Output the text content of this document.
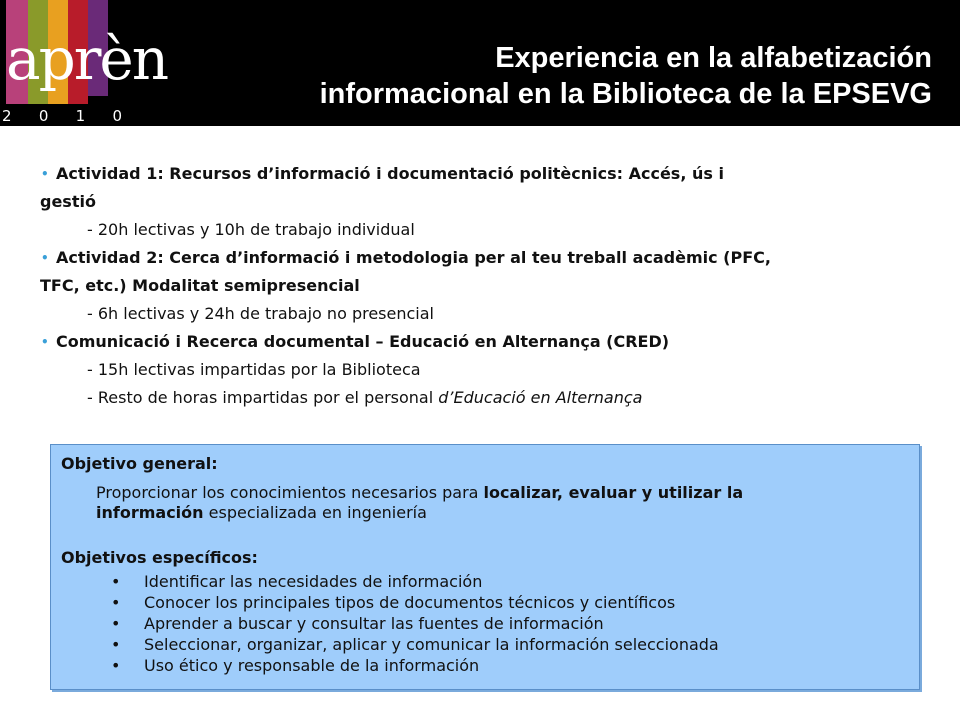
aprèn
2 0 1 0
Experiencia en la alfabetización
informacional en la Biblioteca de la EPSEVG
• Actividad 1: Recursos d’informació i documentació politècnics: Accés, ús i
gestió
- 20h lectivas y 10h de trabajo individual
• Actividad 2: Cerca d’informació i metodologia per al teu treball acadèmic (PFC,
TFC, etc.) Modalitat semipresencial
- 6h lectivas y 24h de trabajo no presencial
• Comunicació i Recerca documental – Educació en Alternança (CRED)
- 15h lectivas impartidas por la Biblioteca
- Resto de horas impartidas por el personal d’Educació en Alternança
Objetivo general:
Proporcionar los conocimientos necesarios para localizar, evaluar y utilizar la
información especializada en ingeniería
Objetivos específicos:
• Identificar las necesidades de información
• Conocer los principales tipos de documentos técnicos y científicos
• Aprender a buscar y consultar las fuentes de información
• Seleccionar, organizar, aplicar y comunicar la información seleccionada
• Uso ético y responsable de la información
